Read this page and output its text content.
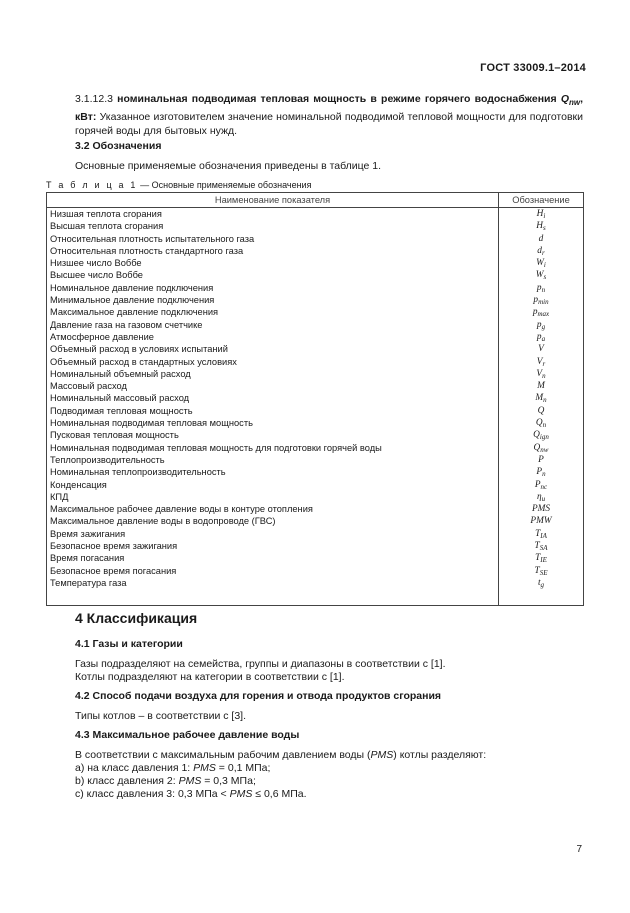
ГОСТ 33009.1–2014
3.1.12.3 номинальная подводимая тепловая мощность в режиме горячего водоснабжения $Q_{nw}$, кВт: Указанное изготовителем значение номинальной подводимой тепловой мощности для подготовки горячей воды для бытовых нужд.
3.2 Обозначения
Основные применяемые обозначения приведены в таблице 1.
Т а б л и ц а 1 — Основные применяемые обозначения
Наименование показателя	Обозначение
Низшая теплота сгорания	$H_i$
Высшая теплота сгорания	$H_s$
Относительная плотность испытательного газа	d
Относительная плотность стандартного газа	$d_r$
Низшее число Воббе	$W_i$
Высшее число Воббе	$W_s$
Номинальное давление подключения	$p_n$
Минимальное давление подключения	$p_{min}$
Максимальное давление подключения	$p_{max}$
Давление газа на газовом счетчике	$p_g$
Атмосферное давление	$p_a$
Объемный расход в условиях испытаний	V
Объемный расход в стандартных условиях	$V_r$
Номинальный объемный расход	$V_n$
Массовый расход	M
Номинальный массовый расход	$M_n$
Подводимая тепловая мощность	Q
Номинальная подводимая тепловая мощность	$Q_n$
Пусковая тепловая мощность	$Q_{ign}$
Номинальная подводимая тепловая мощность для подготовки горячей воды	$Q_{nw}$
Теплопроизводительность	P
Номинальная теплопроизводительность	$P_n$
Конденсация	$P_{nc}$
КПД	$\eta_u$
Максимальное рабочее давление воды в контуре отопления	PMS
Максимальное давление воды в водопроводе (ГВС)	PMW
Время зажигания	$T_{IA}$
Безопасное время зажигания	$T_{SA}$
Время погасания	$T_{IE}$
Безопасное время погасания	$T_{SE}$
Температура газа	$t_g$

4 Классификация
4.1 Газы и категории
Газы подразделяют на семейства, группы и диапазоны в соответствии с [1].
Котлы подразделяют на категории в соответствии с [1].
4.2 Способ подачи воздуха для горения и отвода продуктов сгорания
Типы котлов – в соответствии с [3].
4.3 Максимальное рабочее давление воды
В соответствии с максимальным рабочим давлением воды (PMS) котлы разделяют:
а) на класс давления 1: PMS = 0,1 МПа;
b) класс давления 2: PMS = 0,3 МПа;
c) класс давления 3: 0,3 МПа < PMS ≤ 0,6 МПа.
7
